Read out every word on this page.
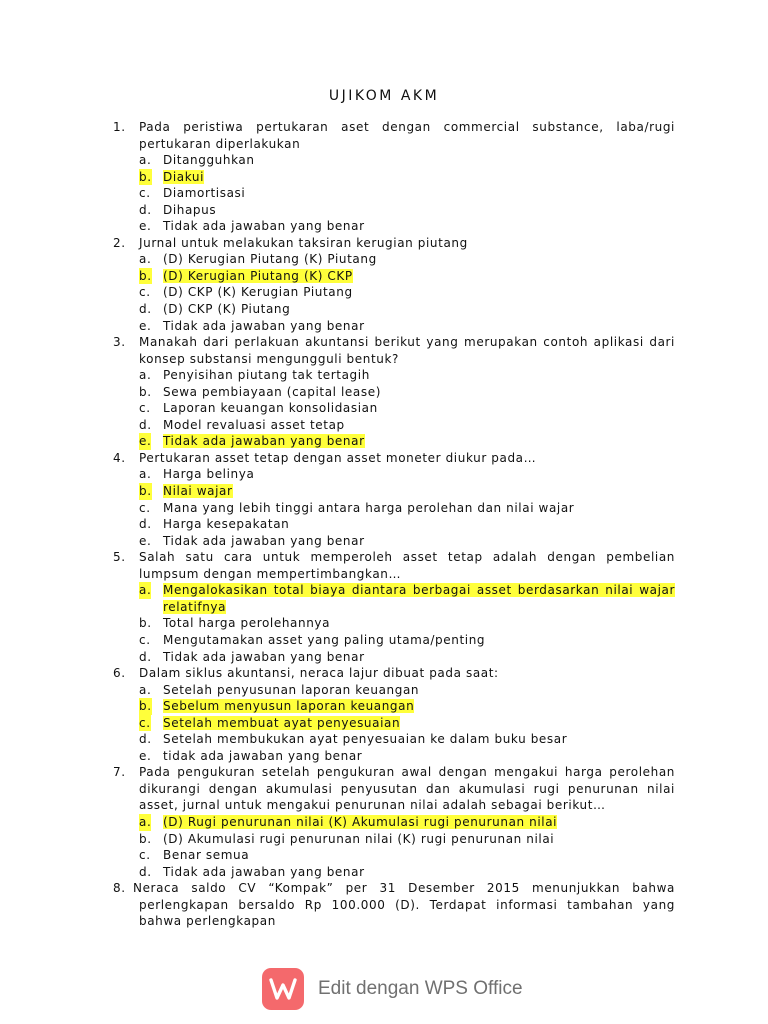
UJIKOM AKM
1.	Pada peristiwa pertukaran aset dengan commercial substance, laba/rugi pertukaran diperlakukan
a. Ditangguhkan
b. Diakui
c. Diamortisasi
d. Dihapus
e. Tidak ada jawaban yang benar
2.	Jurnal untuk melakukan taksiran kerugian piutang
a. (D) Kerugian Piutang (K) Piutang
b. (D) Kerugian Piutang (K) CKP
c. (D) CKP (K) Kerugian Piutang
d. (D) CKP (K) Piutang
e. Tidak ada jawaban yang benar
3.	Manakah dari perlakuan akuntansi berikut yang merupakan contoh aplikasi dari konsep substansi mengungguli bentuk?
a. Penyisihan piutang tak tertagih
b. Sewa pembiayaan (capital lease)
c. Laporan keuangan konsolidasian
d. Model revaluasi asset tetap
e. Tidak ada jawaban yang benar
4.	Pertukaran asset tetap dengan asset moneter diukur pada…
a. Harga belinya
b. Nilai wajar
c. Mana yang lebih tinggi antara harga perolehan dan nilai wajar
d. Harga kesepakatan
e. Tidak ada jawaban yang benar
5.	Salah satu cara untuk memperoleh asset tetap adalah dengan pembelian lumpsum dengan mempertimbangkan…
a. Mengalokasikan total biaya diantara berbagai asset berdasarkan nilai wajar relatifnya
b. Total harga perolehannya
c. Mengutamakan asset yang paling utama/penting
d. Tidak ada jawaban yang benar
6.	Dalam siklus akuntansi, neraca lajur dibuat pada saat:
a. Setelah penyusunan laporan keuangan
b. Sebelum menyusun laporan keuangan
c. Setelah membuat ayat penyesuaian
d. Setelah membukukan ayat penyesuaian ke dalam buku besar
e. tidak ada jawaban yang benar
7.	Pada pengukuran setelah pengukuran awal dengan mengakui harga perolehan dikurangi dengan akumulasi penyusutan dan akumulasi rugi penurunan nilai asset, jurnal untuk mengakui penurunan nilai adalah sebagai berikut…
a. (D) Rugi penurunan nilai (K) Akumulasi rugi penurunan nilai
b. (D) Akumulasi rugi penurunan nilai (K) rugi penurunan nilai
c. Benar semua
d. Tidak ada jawaban yang benar
8. Neraca saldo CV “Kompak” per 31 Desember 2015 menunjukkan bahwa perlengkapan bersaldo Rp 100.000 (D). Terdapat informasi tambahan yang bahwa perlengkapan
Edit dengan WPS Office
